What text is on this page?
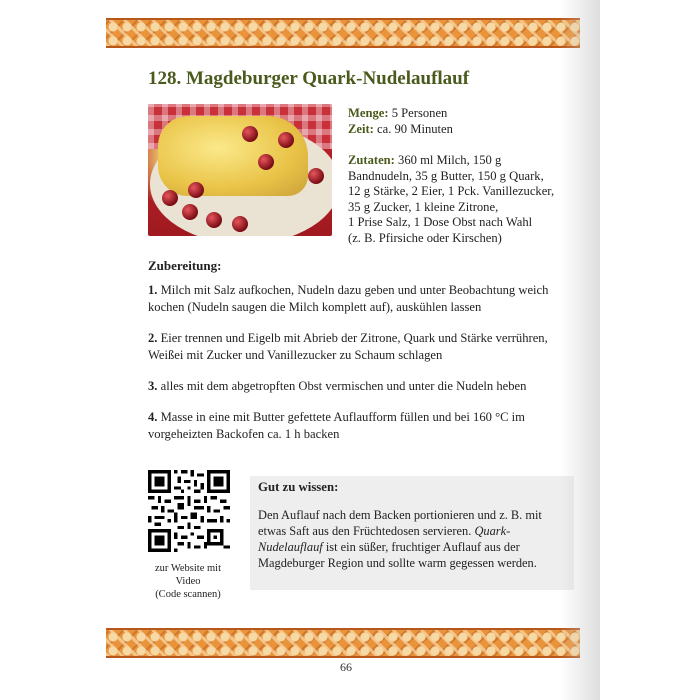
128. Magdeburger Quark-Nudelauflauf
Menge: 5 Personen
Zeit: ca. 90 Minuten
Zutaten: 360 ml Milch, 150 g
Bandnudeln, 35 g Butter, 150 g Quark,
12 g Stärke, 2 Eier, 1 Pck. Vanillezucker,
35 g Zucker, 1 kleine Zitrone,
1 Prise Salz, 1 Dose Obst nach Wahl
(z. B. Pfirsiche oder Kirschen)
Zubereitung:

1. Milch mit Salz aufkochen, Nudeln dazu geben und unter Beobachtung weich kochen (Nudeln saugen die Milch komplett auf), auskühlen lassen

2. Eier trennen und Eigelb mit Abrieb der Zitrone, Quark und Stärke verrühren, Weißei mit Zucker und Vanillezucker zu Schaum schlagen

3. alles mit dem abgetropften Obst vermischen und unter die Nudeln heben

4. Masse in eine mit Butter gefettete Auflaufform füllen und bei 160 °C im vorgeheizten Backofen ca. 1 h backen

zur Website mit
Video
(Code scannen)
Gut zu wissen:
Den Auflauf nach dem Backen portionieren und z. B. mit etwas Saft aus den Früchtedosen servieren. Quark-Nudelauflauf ist ein süßer, fruchtiger Auflauf aus der Magdeburger Region und sollte warm gegessen werden.
66
